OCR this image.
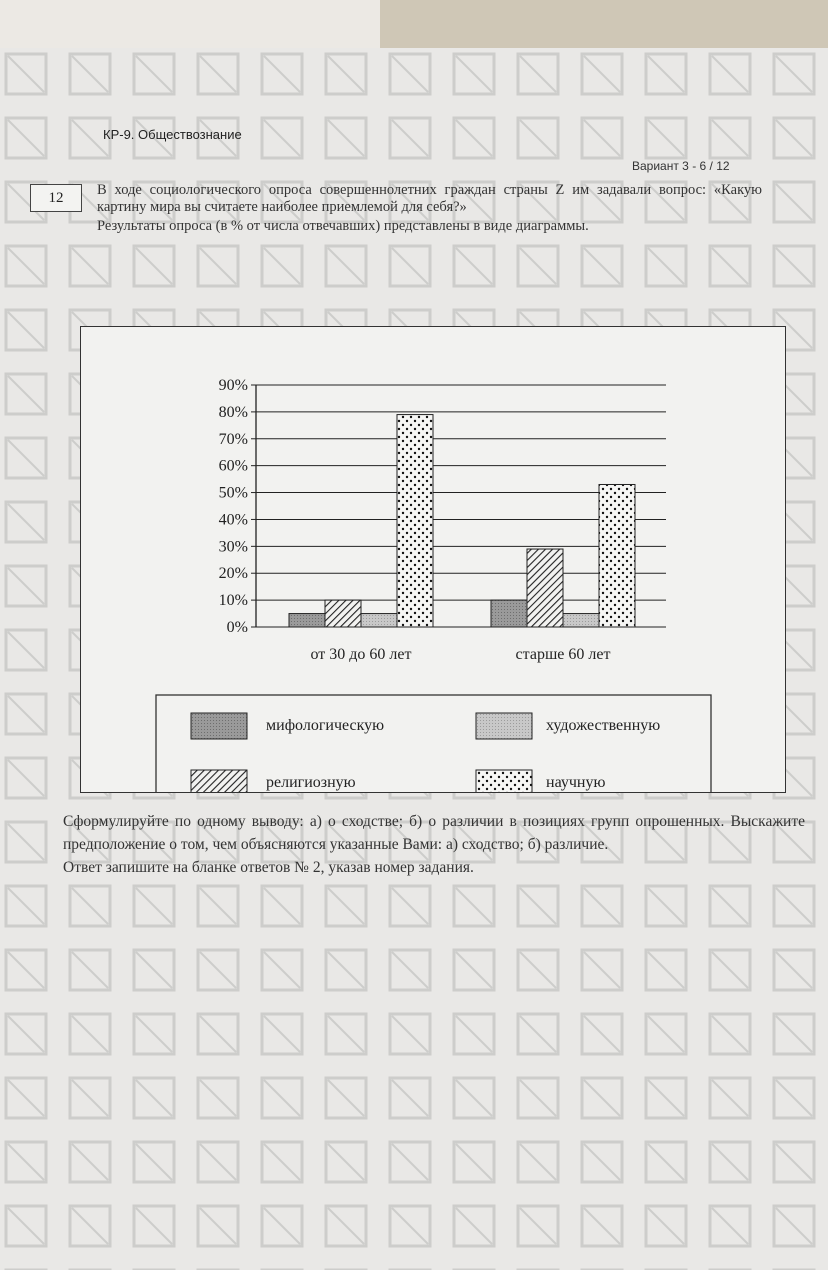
КР-9. Обществознание
Вариант 3 - 6 / 12
12	В ходе социологического опроса совершеннолетних граждан страны Z им задавали вопрос: «Какую картину мира вы считаете наиболее приемлемой для себя?»

Результаты опроса (в % от числа отвечавших) представлены в виде диаграммы.

0%
10%
20%
30%
40%
50%
60%
70%
80%
90%
от 30 до 60 лет	старше 60 лет
мифологическую	художественную
религиозную	научную

Сформулируйте по одному выводу: а) о сходстве; б) о различии в позициях групп опрошенных. Выскажите предположение о том, чем объясняются указанные Вами: а) сходство; б) различие.

Ответ запишите на бланке ответов № 2, указав номер задания.
